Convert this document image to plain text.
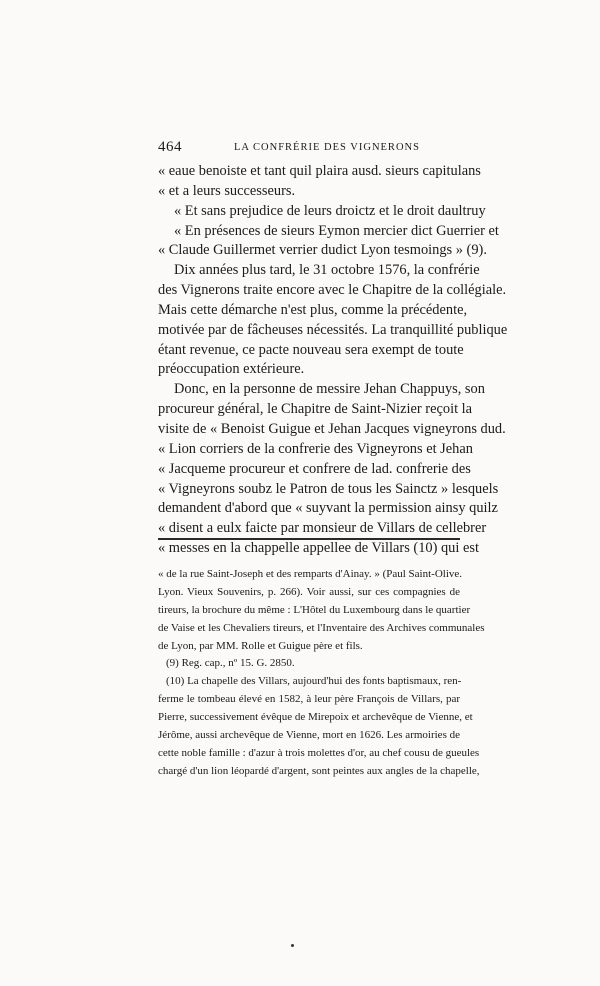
464	LA CONFRÉRIE DES VIGNERONS
« eaue benoiste et tant quil plaira ausd. sieurs capitulans
« et a leurs successeurs.
« Et sans prejudice de leurs droictz et le droit daultruy
« En présences de sieurs Eymon mercier dict Guerrier et
« Claude Guillermet verrier dudict Lyon tesmoings » (9).
Dix années plus tard, le 31 octobre 1576, la confrérie
des Vignerons traite encore avec le Chapitre de la collégiale.
Mais cette démarche n'est plus, comme la précédente,
motivée par de fâcheuses nécessités. La tranquillité publique
étant revenue, ce pacte nouveau sera exempt de toute
préoccupation extérieure.
Donc, en la personne de messire Jehan Chappuys, son
procureur général, le Chapitre de Saint-Nizier reçoit la
visite de « Benoist Guigue et Jehan Jacques vigneyrons dud.
« Lion corriers de la confrerie des Vigneyrons et Jehan
« Jacqueme procureur et confrere de lad. confrerie des
« Vigneyrons soubz le Patron de tous les Sainctz » lesquels
demandent d'abord que « suyvant la permission ainsy quilz
« disent a eulx faicte par monsieur de Villars de cellebrer
« messes en la chappelle appellee de Villars (10) qui est
« de la rue Saint-Joseph et des remparts d'Ainay. » (Paul Saint-Olive.
Lyon. Vieux Souvenirs, p. 266). Voir aussi, sur ces compagnies de
tireurs, la brochure du même : L'Hôtel du Luxembourg dans le quartier
de Vaise et les Chevaliers tireurs, et l'Inventaire des Archives communales
de Lyon, par MM. Rolle et Guigue père et fils.
(9) Reg. cap., nº 15. G. 2850.
(10) La chapelle des Villars, aujourd'hui des fonts baptismaux, ren-
ferme le tombeau élevé en 1582, à leur père François de Villars, par
Pierre, successivement évêque de Mirepoix et archevêque de Vienne, et
Jérôme, aussi archevêque de Vienne, mort en 1626. Les armoiries de
cette noble famille : d'azur à trois molettes d'or, au chef cousu de gueules
chargé d'un lion léopardé d'argent, sont peintes aux angles de la chapelle,
